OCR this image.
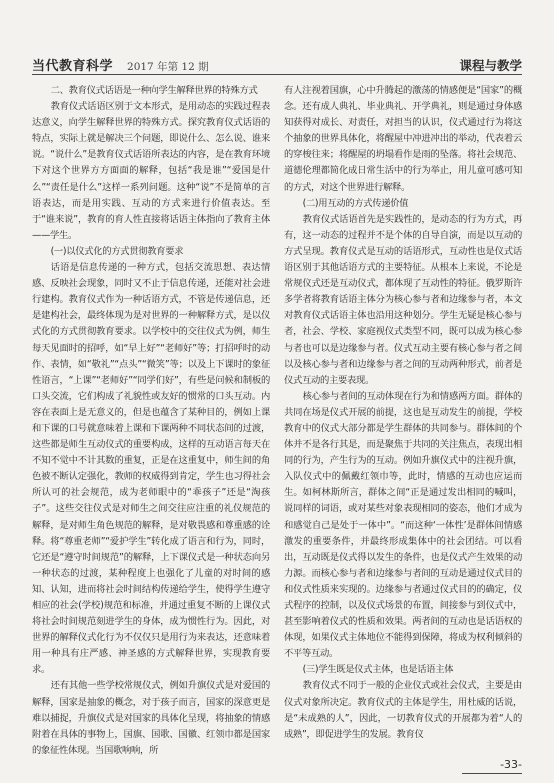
当代教育科学 2017 年第 12 期	课程与教学

二、教育仪式话语是一种向学生解释世界的特殊方式

教育仪式话语区别于文本形式，是用动态的实践过程表达意义，向学生解释世界的特殊方式。探究教育仪式话语的特点，实际上就是解决三个问题，即说什么、怎么说、谁来说。“说什么”是教育仪式话语所表达的内容，是在教育环境下对这个世界方方面面的解释，包括“我是谁”“爱国是什么”“责任是什么”这样一系列问题。这种“说”不是简单的言语表达，而是用实践、互动的方式来进行价值表达。至于“谁来说”，教育的育人性直接将话语主体指向了教育主体——学生。

(一)以仪式化的方式贯彻教育要求

话语是信息传递的一种方式，包括交流思想、表达情感、反映社会现象，同时又不止于信息传递，还能对社会进行建构。教育仪式作为一种话语方式，不管是传递信息，还是建构社会，最终体现为是对世界的一种解释方式，是以仪式化的方式贯彻教育要求。以学校中的交往仪式为例，师生每天见面时的招呼，如“早上好”“老师好”等；打招呼时的动作、表情，如“敬礼”“点头”“微笑”等；以及上下课时的象征性语言，“上课”“老师好”“同学们好”，有些是问候和制板的口头交流，它们构成了礼貌性或友好的惯常的口头互动。内容在表面上是无意义的，但是也蕴含了某种目的，例如上课和下课的口号就意味着上课和下课两种不同状态间的过渡，这些都是师生互动仪式的重要构成，这样的互动语言每天在不知不觉中不计其数的重复，正是在这重复中，师生间的角色被不断认定强化，教师的权威得到肯定，学生也习得社会所认可的社会规范，成为老师眼中的“乖孩子”还是“淘孩子”。这些交往仪式是对师生之间交往应注重的礼仪规范的解释，是对师生角色规范的解释，是对敬畏感和尊重感的诠释。将“尊重老师”“爱护学生”转化成了语言和行为，同时，它还是“遵守时间规范”的解释，上下课仪式是一种状态向另一种状态的过渡，某种程度上也强化了儿童的对时间的感知、认知，进而将社会时间结构传递给学生，使得学生遵守相应的社会(学校)规范和标准，并通过重复不断的上课仪式将社会时间规范刻进学生的身体，成为惯性行为。因此，对世界的解释仪式化行为不仅仅只是用行为来表达，还意味着用一种具有庄严感、神圣感的方式解释世界，实现教育要求。

还有其他一些学校常规仪式，例如升旗仪式是对爱国的解释，国家是抽象的概念，对于孩子而言，国家的深意更是难以捕捉，升旗仪式是对国家的具体化呈现，将抽象的情感附着在具体的事物上，国旗、国歌、国徽、红领巾都是国家的象征性体现。当国歌响响，所

有人注视着国旗，心中升腾起的激荡的情感便是“国家”的概念。还有成人典礼、毕业典礼、开学典礼，则是通过身体感知获得对成长、对责任，对担当的认识，仪式通过行为将这个抽象的世界具体化，将醒屋中冲进冲出的举动，代表着云的穿梭往来；将醒屋的坍塌看作是雨的坠落。将社会规范、道德伦理都简化成日常生活中的行为举止，用儿童可感可知的方式，对这个世界进行解释。

(二)用互动的方式传递价值

教育仪式话语首先是实践性的，是动态的行为方式，再有，这一动态的过程并不是个体的自导自演，而是以互动的方式呈现。教育仪式是互动的话语形式，互动性也是仪式话语区别于其他话语方式的主要特征。从根本上来说，不论是常规仪式还是互动仪式，都体现了互动性的特征。俄罗斯许多学者将教育话语主体分为核心参与者和边缘参与者，本文对教育仪式话语主体也沿用这种划分。学生无疑是核心参与者，社会、学校、家庭视仪式类型不同，既可以成为核心参与者也可以是边缘参与者。仪式互动主要有核心参与者之间以及核心参与者和边缘参与者之间的互动两种形式，前者是仪式互动的主要表现。

核心参与者间的互动体现在行为和情感两方面。群体的共同在场是仪式开展的前提，这也是互动发生的前提，学校教育中的仪式大部分都是学生群体的共同参与。群体间的个体并不是各行其是，而是聚焦于共同的关注焦点，表现出相同的行为，产生行为的互动。例如升旗仪式中的注视升旗，入队仪式中的佩戴红领巾等，此时，情感的互动也应运而生。如柯林斯所言，群体之间“正是通过发出相同的喊叫，说同样的词语，或对某些对象表现相同的姿态，他们才成为和感觉自己是处于一体中”。“而这种‘一体性’是群体间情感激发的重要条件，并最终形成集体中的社会团结。可以看出，互动既是仪式得以发生的条件，也是仪式产生效果的动力源。而核心参与者和边缘参与者间的互动是通过仪式目的和仪式性质来实现的。边缘参与者通过仪式目的的确定，仪式程序的控制，以及仪式场景的布置，间接参与到仪式中，甚至影响着仪式的性质和效果。两者间的互动也是话语权的体现，如果仪式主体地位不能得到保障，将成为权利倾斜的不平等互动。

(三)学生既是仪式主体，也是话语主体

教育仪式不同于一般的企业仪式或社会仪式，主要是由仪式对象所决定。教育仪式的主体是学生，用杜威的话说，是“未成熟的人”，因此，一切教育仪式的开展都为着“人的成熟”，即促进学生的发展。教育仪

-33-
